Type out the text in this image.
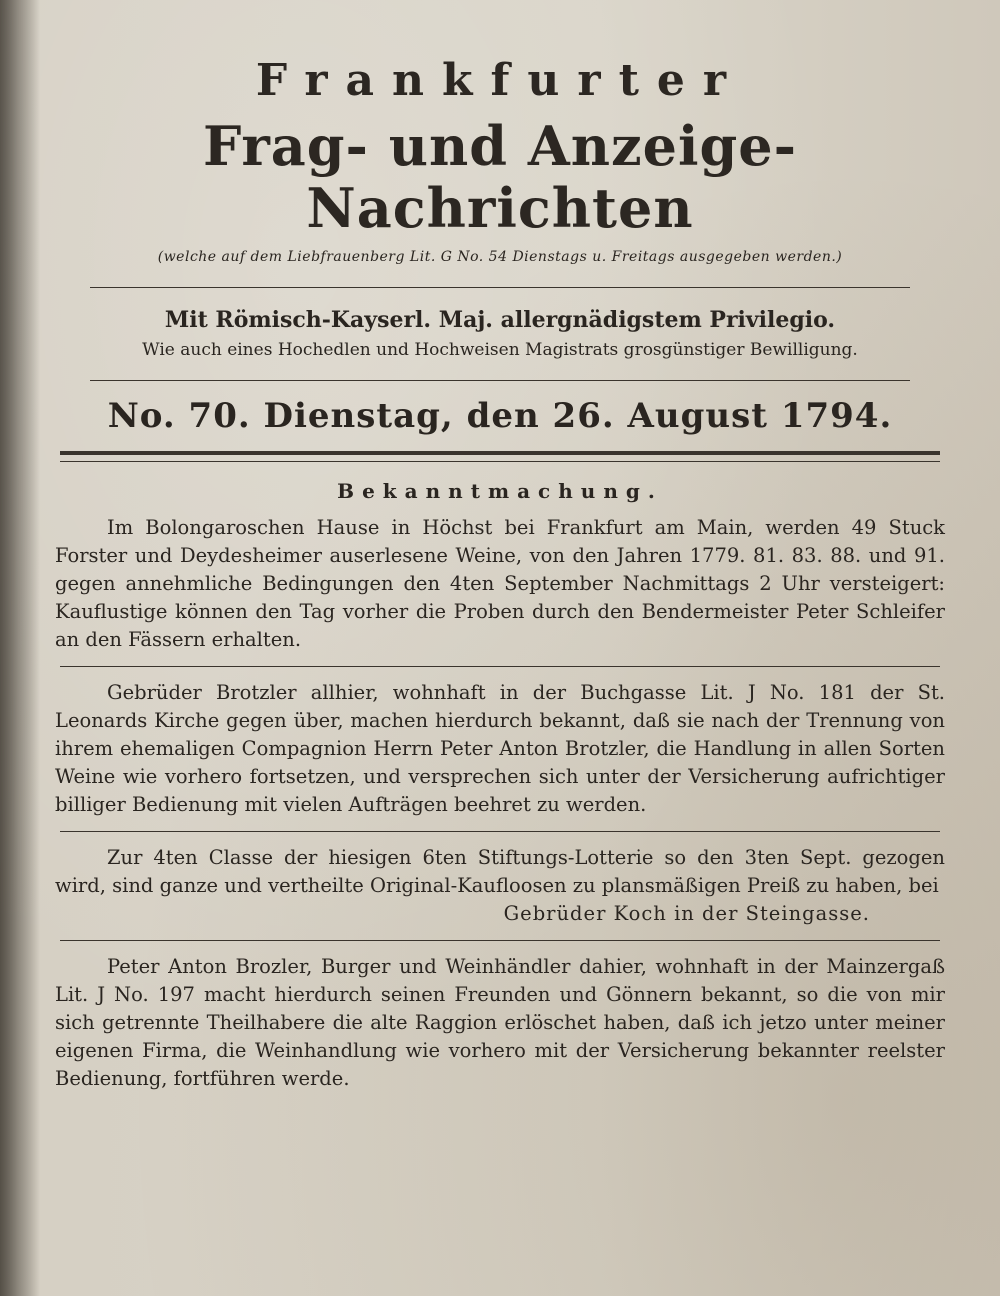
Frankfurter
Frag- und Anzeige-Nachrichten

(welche auf dem Liebfrauenberg Lit. G No. 54 Dienstags u. Freitags ausgegeben werden.)

Mit Römisch-Kayserl. Maj. allergnädigstem Privilegio.

Wie auch eines Hochedlen und Hochweisen Magistrats grosgünstiger Bewilligung.

No. 70. Dienstag, den 26. August 1794.

Bekanntmachung.

Im Bolongaroschen Hause in Höchst bei Frankfurt am Main, werden 49 Stuck Forster und Deydesheimer auserlesene Weine, von den Jahren 1779. 81. 83. 88. und 91. gegen annehmliche Bedingungen den 4ten September Nachmittags 2 Uhr versteigert: Kauflustige können den Tag vorher die Proben durch den Bendermeister Peter Schleifer an den Fässern erhalten.

Gebrüder Brotzler allhier, wohnhaft in der Buchgasse Lit. J No. 181 der St. Leonards Kirche gegen über, machen hierdurch bekannt, daß sie nach der Trennung von ihrem ehemaligen Compagnion Herrn Peter Anton Brotzler, die Handlung in allen Sorten Weine wie vorhero fortsetzen, und versprechen sich unter der Versicherung aufrichtiger billiger Bedienung mit vielen Aufträgen beehret zu werden.

Zur 4ten Classe der hiesigen 6ten Stiftungs-Lotterie so den 3ten Sept. gezogen wird, sind ganze und vertheilte Original-Kaufloosen zu plansmäßigen Preiß zu haben, bei

Gebrüder Koch in der Steingasse.

Peter Anton Brozler, Burger und Weinhändler dahier, wohnhaft in der Mainzergaß Lit. J No. 197 macht hierdurch seinen Freunden und Gönnern bekannt, so die von mir sich getrennte Theilhabere die alte Raggion erlöschet haben, daß ich jetzo unter meiner eigenen Firma, die Weinhandlung wie vorhero mit der Versicherung bekannter reelster Bedienung, fortführen werde.
